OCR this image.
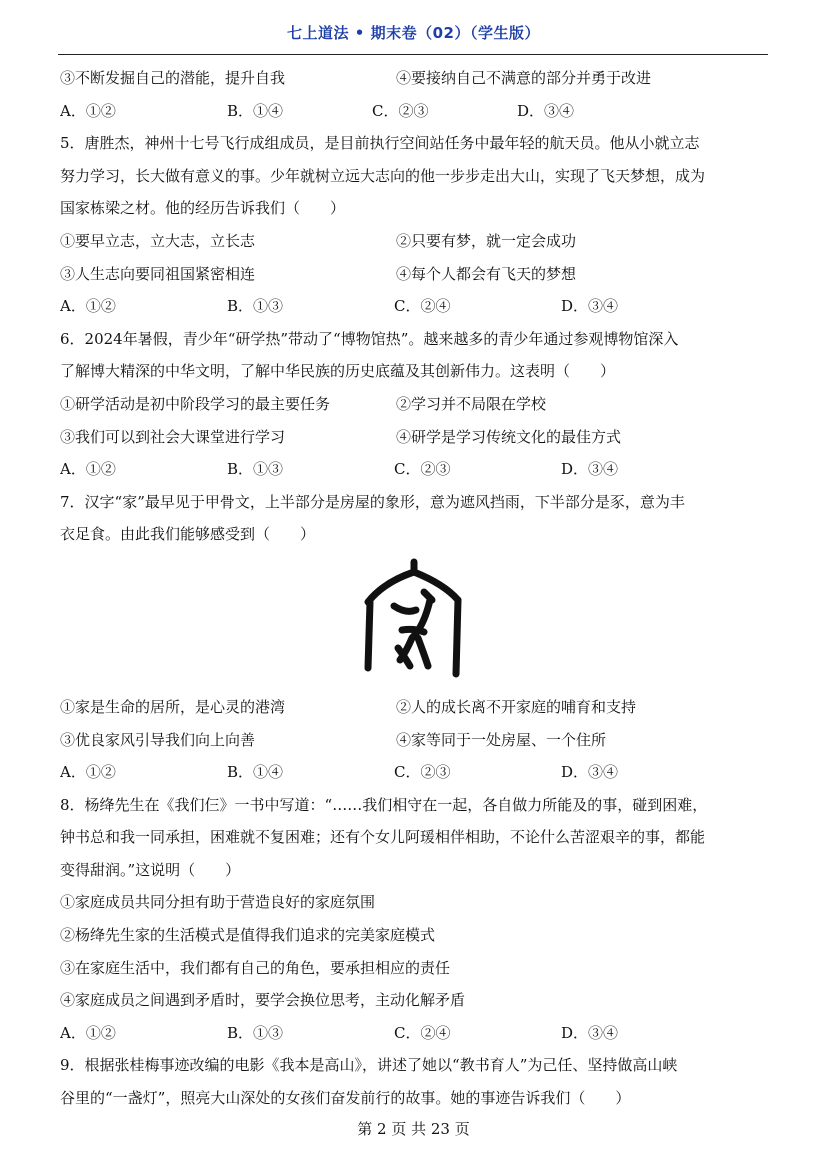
七上道法 • 期末卷（02）（学生版）
③不断发掘自己的潜能，提升自我	④要接纳自己不满意的部分并勇于改进
A．①②	B．①④	C．②③	D．③④
5．唐胜杰，神州十七号飞行成组成员，是目前执行空间站任务中最年轻的航天员。他从小就立志
努力学习，长大做有意义的事。少年就树立远大志向的他一步步走出大山，实现了飞天梦想，成为
国家栋梁之材。他的经历告诉我们（　　）
①要早立志，立大志，立长志	②只要有梦，就一定会成功
③人生志向要同祖国紧密相连	④每个人都会有飞天的梦想
A．①②	B．①③	C．②④	D．③④
6．2024年暑假，青少年“研学热”带动了“博物馆热”。越来越多的青少年通过参观博物馆深入
了解博大精深的中华文明，了解中华民族的历史底蕴及其创新伟力。这表明（　　）
①研学活动是初中阶段学习的最主要任务	②学习并不局限在学校
③我们可以到社会大课堂进行学习	④研学是学习传统文化的最佳方式
A．①②	B．①③	C．②③	D．③④
7．汉字“家”最早见于甲骨文，上半部分是房屋的象形，意为遮风挡雨，下半部分是豕，意为丰
衣足食。由此我们能够感受到（　　）
①家是生命的居所，是心灵的港湾	②人的成长离不开家庭的哺育和支持
③优良家风引导我们向上向善	④家等同于一处房屋、一个住所
A．①②	B．①④	C．②③	D．③④
8．杨绛先生在《我们仨》一书中写道：“……我们相守在一起，各自做力所能及的事，碰到困难，
钟书总和我一同承担，困难就不复困难；还有个女儿阿瑗相伴相助，不论什么苦涩艰辛的事，都能
变得甜润。”这说明（　　）
①家庭成员共同分担有助于营造良好的家庭氛围
②杨绛先生家的生活模式是值得我们追求的完美家庭模式
③在家庭生活中，我们都有自己的角色，要承担相应的责任
④家庭成员之间遇到矛盾时，要学会换位思考，主动化解矛盾
A．①②	B．①③	C．②④	D．③④
9．根据张桂梅事迹改编的电影《我本是高山》，讲述了她以“教书育人”为己任、坚持做高山峡
谷里的“一盏灯”，照亮大山深处的女孩们奋发前行的故事。她的事迹告诉我们（　　）
第 2 页 共 23 页
